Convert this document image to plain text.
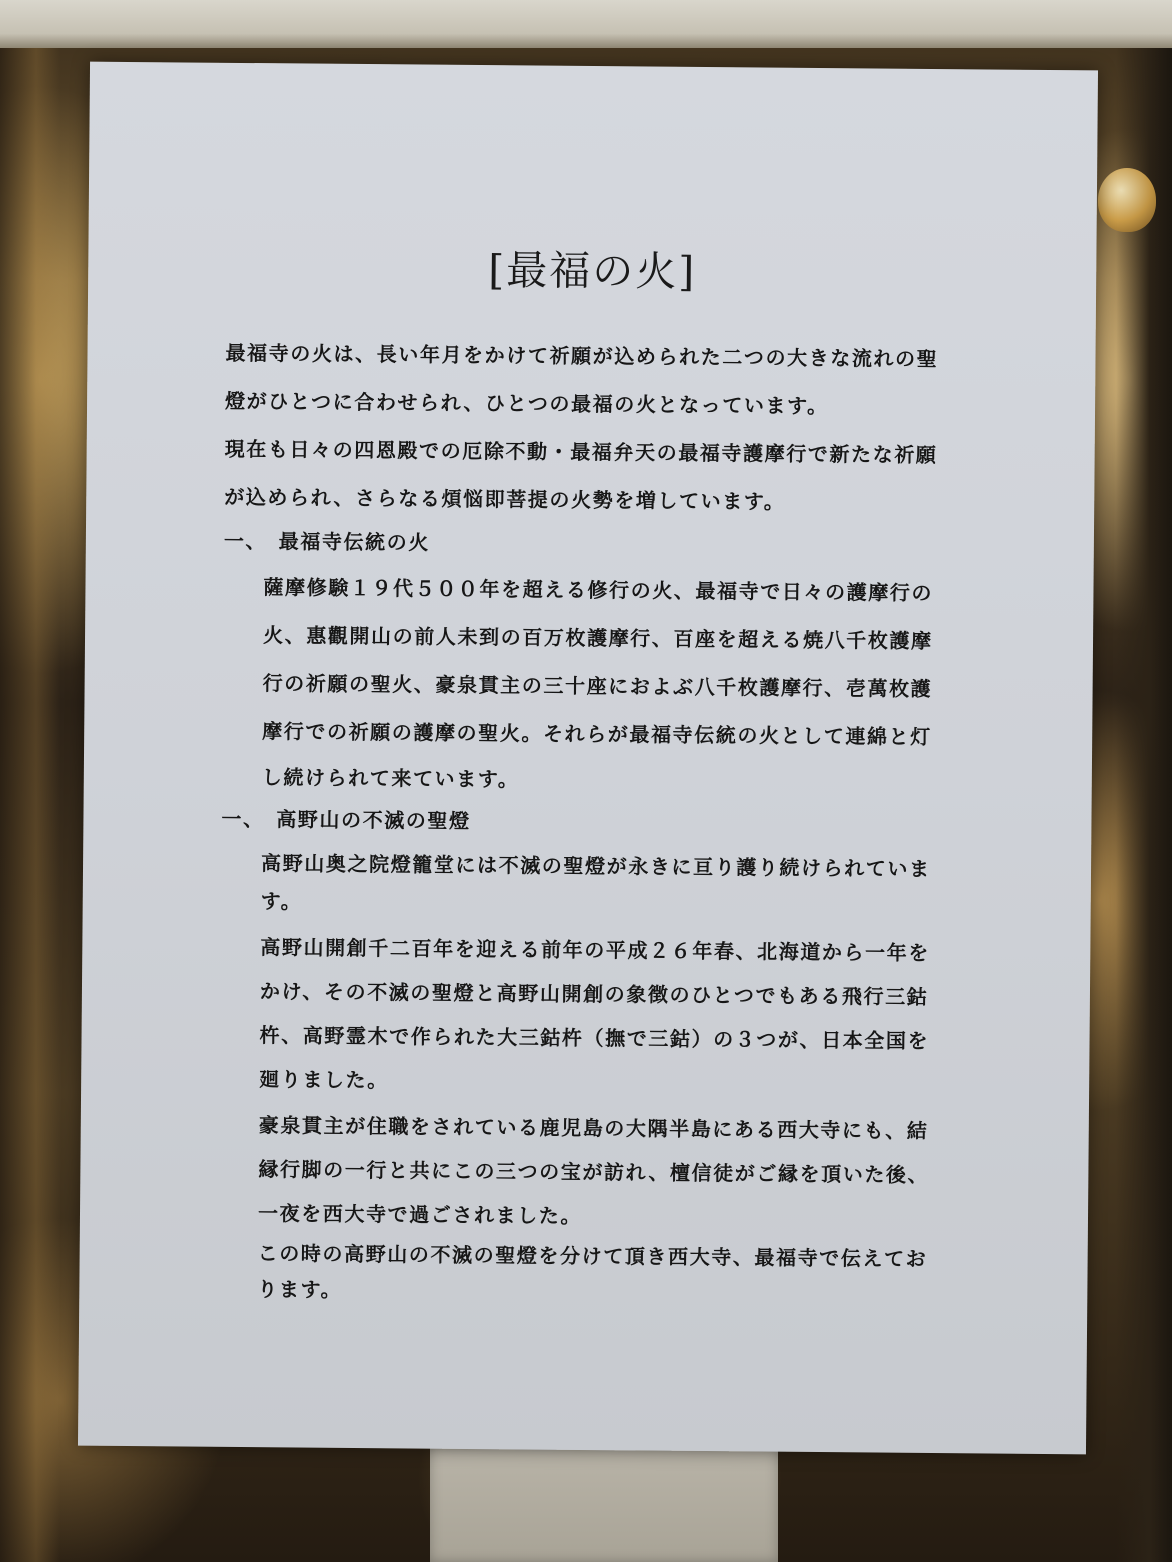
[最福の火]
最福寺の火は、長い年月をかけて祈願が込められた二つの大きな流れの聖
燈がひとつに合わせられ、ひとつの最福の火となっています。
現在も日々の四恩殿での厄除不動・最福弁天の最福寺護摩行で新たな祈願
が込められ、さらなる煩悩即菩提の火勢を増しています。
一、　最福寺伝統の火
薩摩修験１９代５００年を超える修行の火、最福寺で日々の護摩行の
火、惠觀開山の前人未到の百万枚護摩行、百座を超える焼八千枚護摩
行の祈願の聖火、豪泉貫主の三十座におよぶ八千枚護摩行、壱萬枚護
摩行での祈願の護摩の聖火。それらが最福寺伝統の火として連綿と灯
し続けられて来ています。
一、　高野山の不滅の聖燈
高野山奥之院燈籠堂には不滅の聖燈が永きに亘り護り続けられていま
す。
高野山開創千二百年を迎える前年の平成２６年春、北海道から一年を
かけ、その不滅の聖燈と高野山開創の象徴のひとつでもある飛行三鈷
杵、高野霊木で作られた大三鈷杵（撫で三鈷）の３つが、日本全国を
廻りました。
豪泉貫主が住職をされている鹿児島の大隅半島にある西大寺にも、結
縁行脚の一行と共にこの三つの宝が訪れ、檀信徒がご縁を頂いた後、
一夜を西大寺で過ごされました。
この時の高野山の不滅の聖燈を分けて頂き西大寺、最福寺で伝えてお
ります。
